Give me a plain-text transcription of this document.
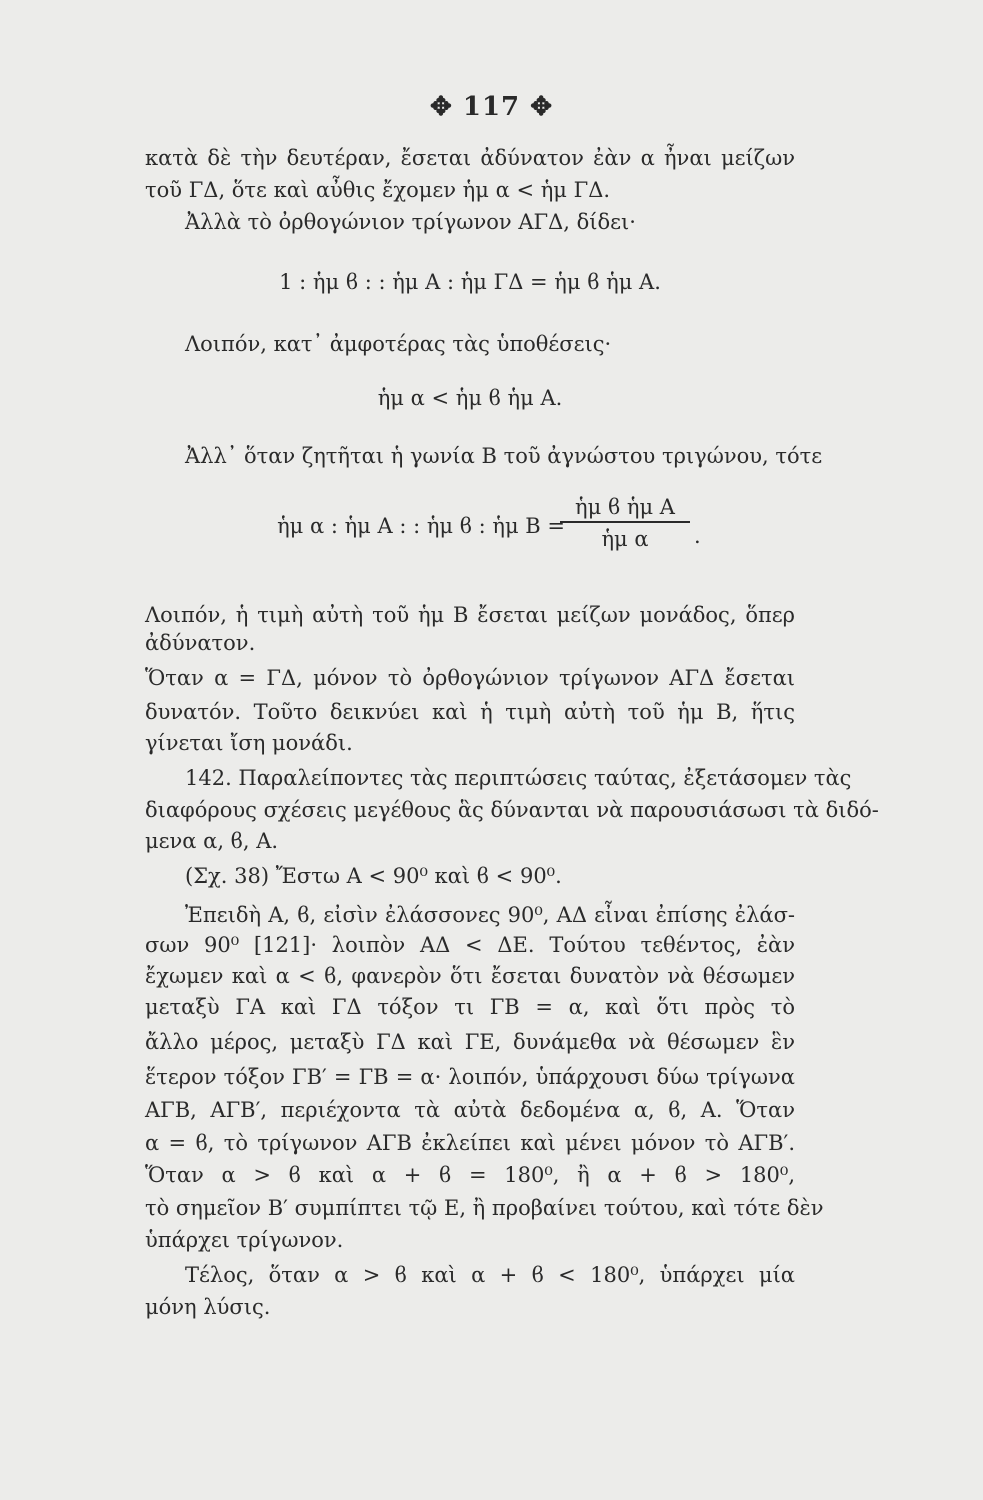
✥ 117 ✥
κατὰ δὲ τὴν δευτέραν, ἔσεται ἀδύνατον ἐὰν α ἦναι μείζων
τοῦ ΓΔ, ὅτε καὶ αὖθις ἔχομεν ἡμ α < ἡμ ΓΔ.
Ἀλλὰ τὸ ὀρθογώνιον τρίγωνον ΑΓΔ, δίδει·
1 : ἡμ ϐ : : ἡμ Α : ἡμ ΓΔ = ἡμ ϐ ἡμ Α.
Λοιπόν, κατ᾽ ἀμφοτέρας τὰς ὑποθέσεις·
ἡμ α < ἡμ ϐ ἡμ Α.
Ἀλλ᾽ ὅταν ζητῆται ἡ γωνία Β τοῦ ἀγνώστου τριγώνου, τότε
ἡμ α : ἡμ Α : : ἡμ ϐ : ἡμ Β =
$\frac{\text{ἡμ ϐ ἡμ Α}}{\text{ἡμ α}}$ .
Λοιπόν, ἡ τιμὴ αὐτὴ τοῦ ἡμ Β ἔσεται μείζων μονάδος, ὅπερ
ἀδύνατον.
Ὅταν α = ΓΔ, μόνον τὸ ὀρθογώνιον τρίγωνον ΑΓΔ ἔσεται
δυνατόν. Τοῦτο δεικνύει καὶ ἡ τιμὴ αὐτὴ τοῦ ἡμ Β, ἥτις
γίνεται ἴση μονάδι.
142. Παραλείποντες τὰς περιπτώσεις ταύτας, ἐξετάσομεν τὰς
διαφόρους σχέσεις μεγέθους ἃς δύνανται νὰ παρουσιάσωσι τὰ διδό-
μενα α, ϐ, Α.
(Σχ. 38) Ἔστω Α < 90⁰ καὶ ϐ < 90⁰.
Ἐπειδὴ Α, ϐ, εἰσὶν ἐλάσσονες 90⁰, ΑΔ εἶναι ἐπίσης ἐλάσ-
σων 90⁰ [121]· λοιπὸν ΑΔ < ΔΕ. Τούτου τεθέντος, ἐὰν
ἔχωμεν καὶ α < ϐ, φανερὸν ὅτι ἔσεται δυνατὸν νὰ θέσωμεν
μεταξὺ ΓΑ καὶ ΓΔ τόξον τι ΓΒ = α, καὶ ὅτι πρὸς τὸ
ἄλλο μέρος, μεταξὺ ΓΔ καὶ ΓΕ, δυνάμεθα νὰ θέσωμεν ἓν
ἕτερον τόξον ΓΒ′ = ΓΒ = α· λοιπόν, ὑπάρχουσι δύω τρίγωνα
ΑΓΒ, ΑΓΒ′, περιέχοντα τὰ αὐτὰ δεδομένα α, ϐ, Α. Ὅταν
α = ϐ, τὸ τρίγωνον ΑΓΒ ἐκλείπει καὶ μένει μόνον τὸ ΑΓΒ′.
Ὅταν α > ϐ καὶ α + ϐ = 180⁰, ἢ α + ϐ > 180⁰,
τὸ σημεῖον Β′ συμπίπτει τῷ Ε, ἢ προβαίνει τούτου, καὶ τότε δὲν
ὑπάρχει τρίγωνον.
Τέλος, ὅταν α > ϐ καὶ α + ϐ < 180⁰, ὑπάρχει μία
μόνη λύσις.
